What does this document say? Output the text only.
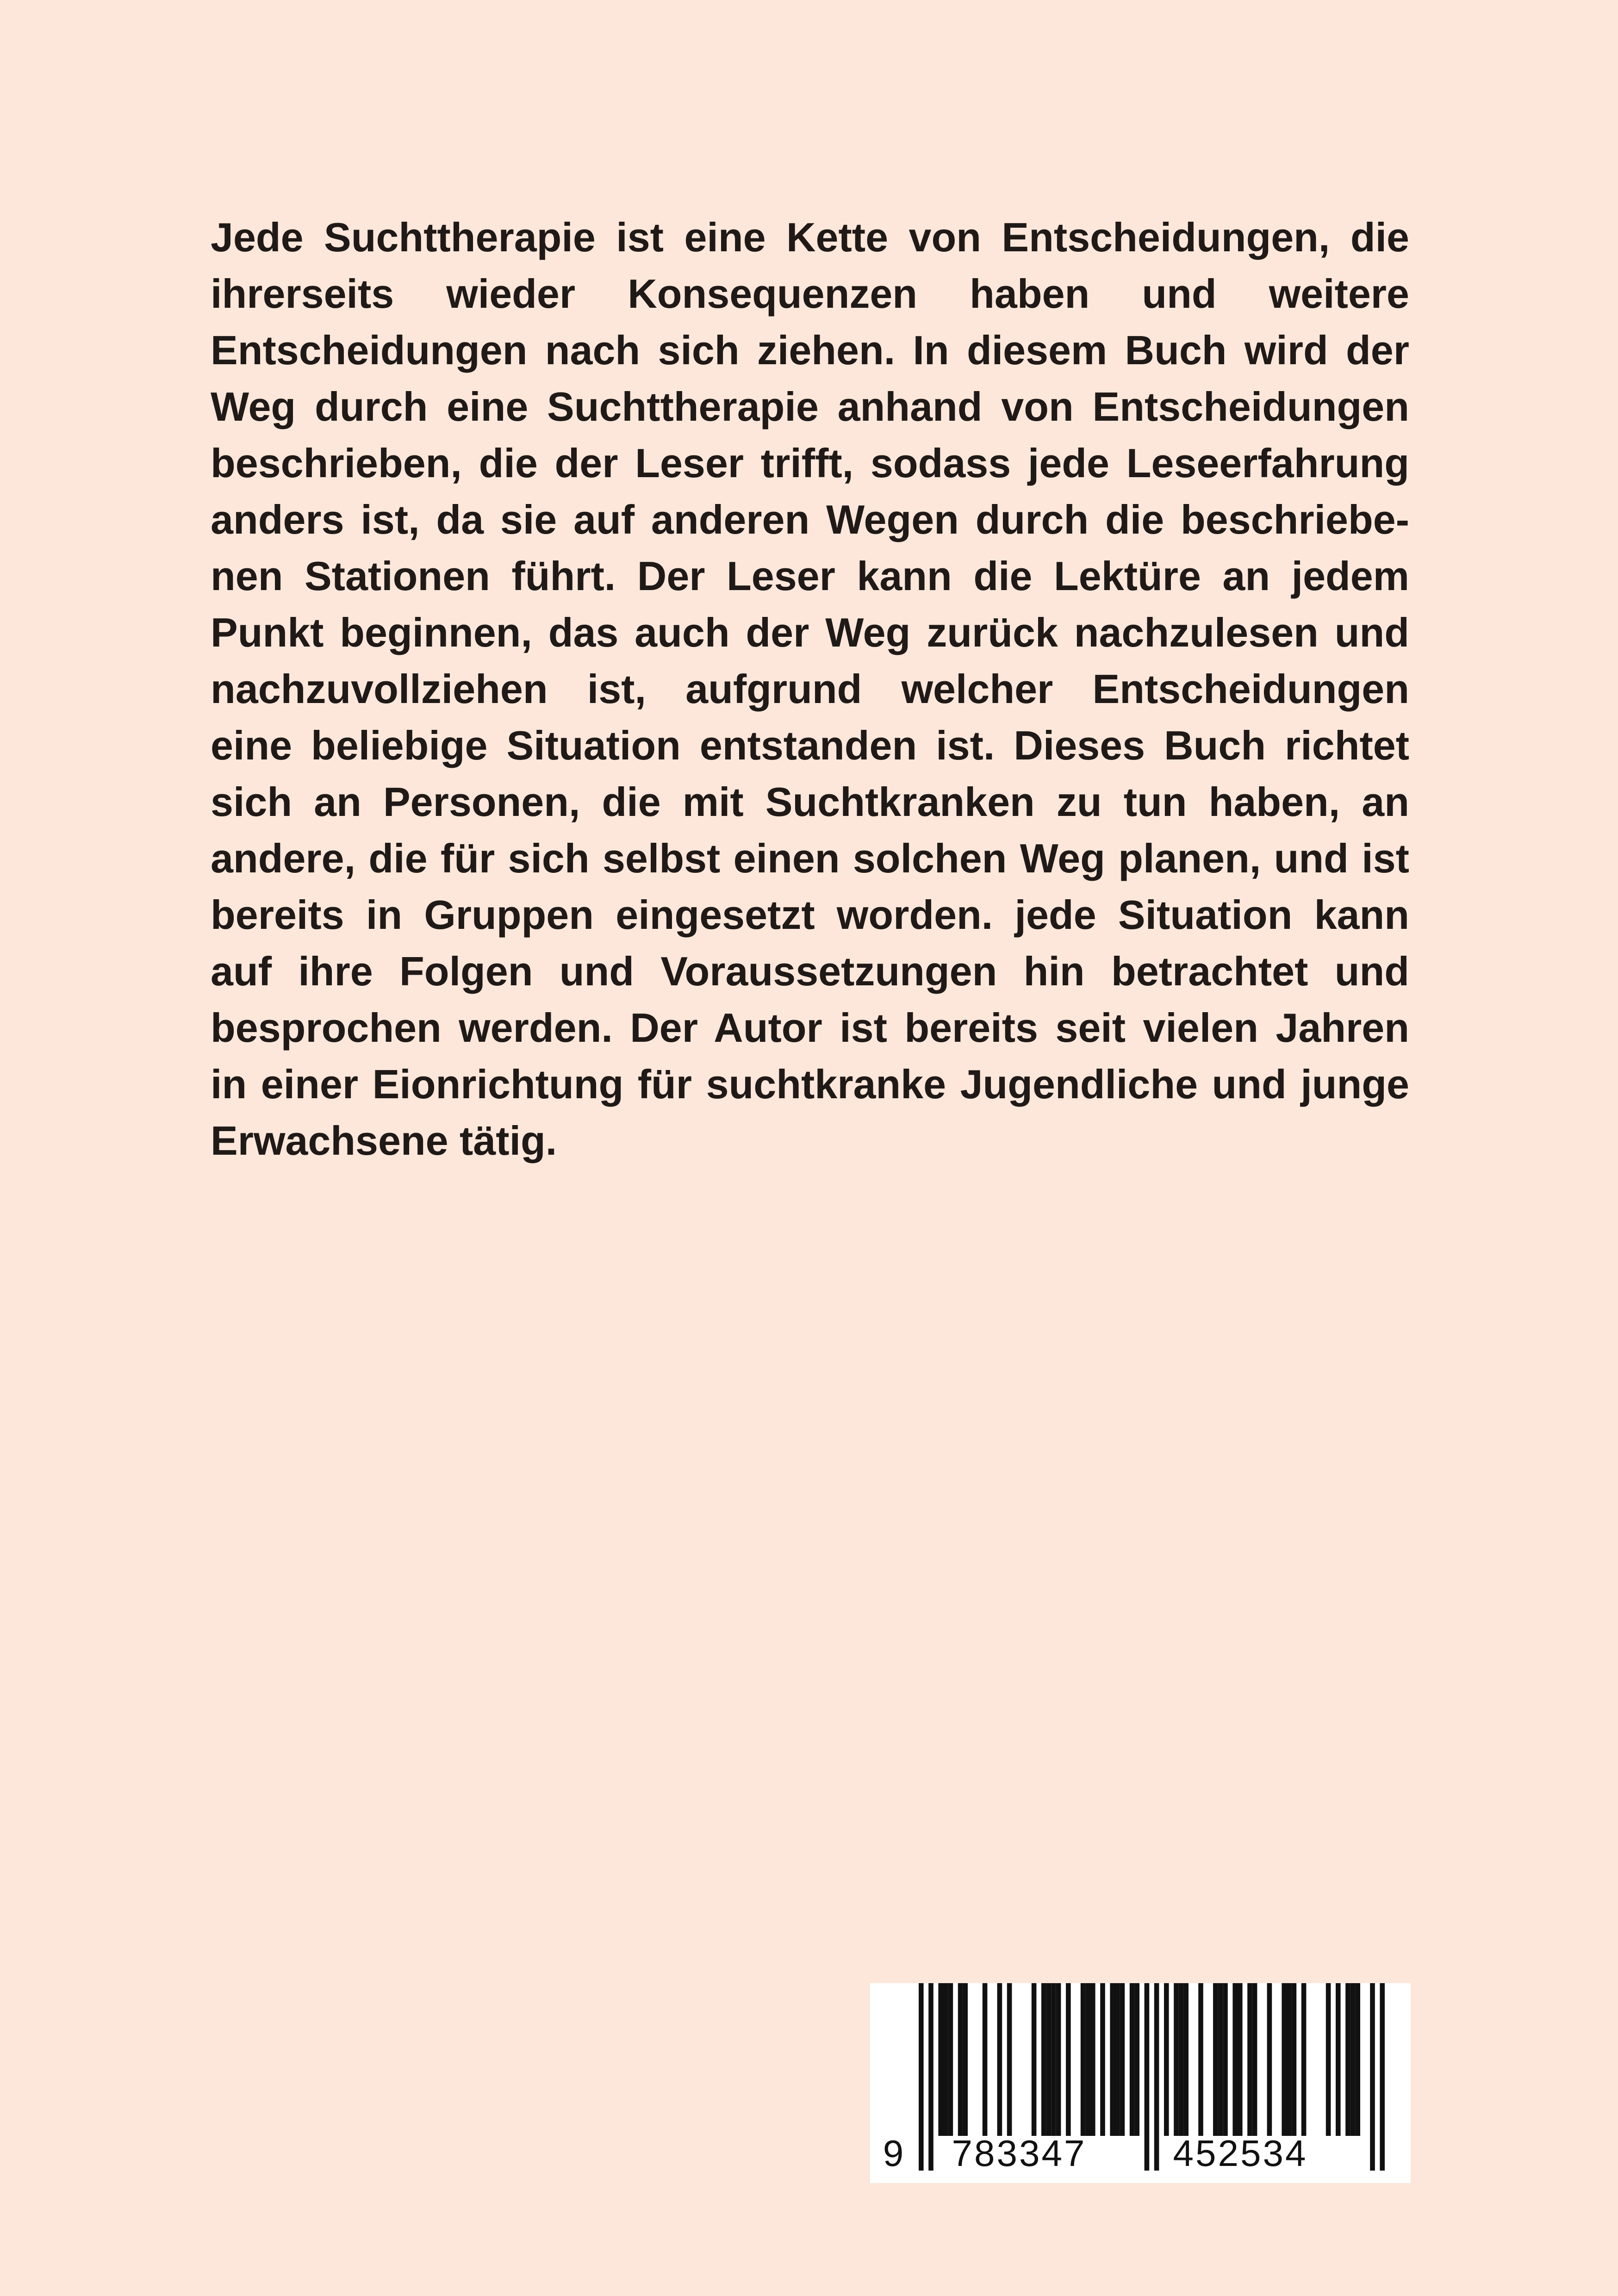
Jede Suchttherapie ist eine Kette von Entscheidungen, die
ihrerseits wieder Konsequenzen haben und weitere
Entscheidungen nach sich ziehen. In diesem Buch wird der
Weg durch eine Suchttherapie anhand von Entscheidungen
beschrieben, die der Leser trifft, sodass jede Leseerfahrung
anders ist, da sie auf anderen Wegen durch die beschriebe-
nen Stationen führt. Der Leser kann die Lektüre an jedem
Punkt beginnen, das auch der Weg zurück nachzulesen und
nachzuvollziehen ist, aufgrund welcher Entscheidungen
eine beliebige Situation entstanden ist. Dieses Buch richtet
sich an Personen, die mit Suchtkranken zu tun haben, an
andere, die für sich selbst einen solchen Weg planen, und ist
bereits in Gruppen eingesetzt worden. jede Situation kann
auf ihre Folgen und Voraussetzungen hin betrachtet und
besprochen werden. Der Autor ist bereits seit vielen Jahren
in einer Eionrichtung für suchtkranke Jugendliche und junge
Erwachsene tätig.
9 783347 452534
